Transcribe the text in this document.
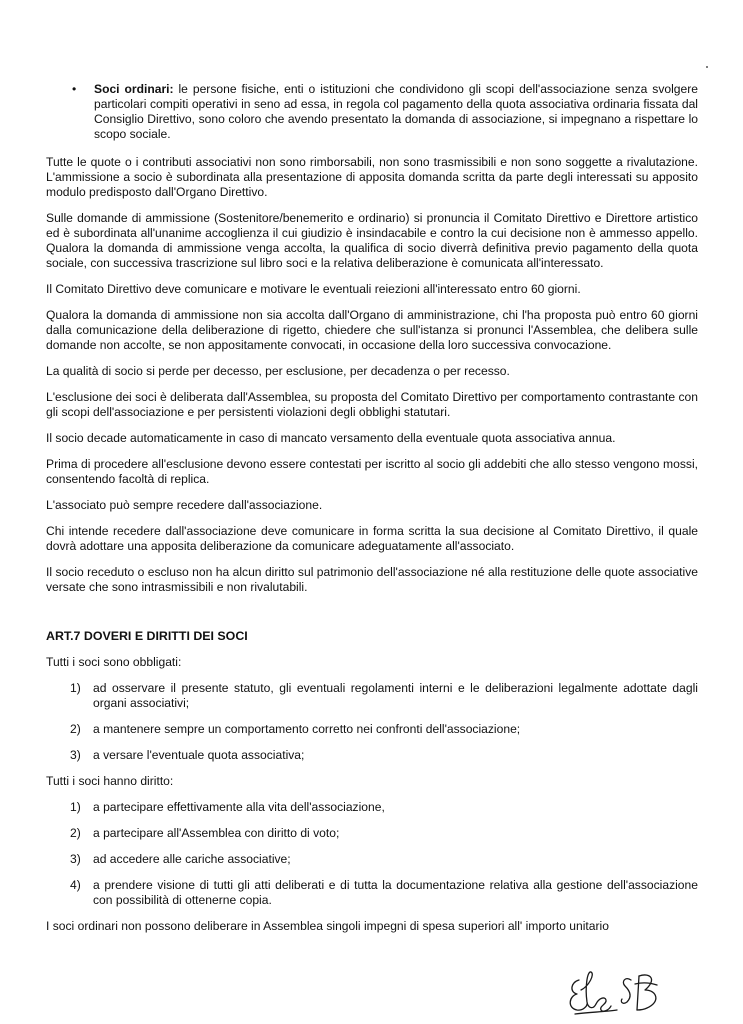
• Soci ordinari: le persone fisiche, enti o istituzioni che condividono gli scopi dell'associazione senza svolgere particolari compiti operativi in seno ad essa, in regola col pagamento della quota associativa ordinaria fissata dal Consiglio Direttivo, sono coloro che avendo presentato la domanda di associazione, si impegnano a rispettare lo scopo sociale.

Tutte le quote o i contributi associativi non sono rimborsabili, non sono trasmissibili e non sono soggette a rivalutazione. L'ammissione a socio è subordinata alla presentazione di apposita domanda scritta da parte degli interessati su apposito modulo predisposto dall'Organo Direttivo.

Sulle domande di ammissione (Sostenitore/benemerito e ordinario) si pronuncia il Comitato Direttivo e Direttore artistico ed è subordinata all'unanime accoglienza il cui giudizio è insindacabile e contro la cui decisione non è ammesso appello. Qualora la domanda di ammissione venga accolta, la qualifica di socio diverrà definitiva previo pagamento della quota sociale, con successiva trascrizione sul libro soci e la relativa deliberazione è comunicata all'interessato.

Il Comitato Direttivo deve comunicare e motivare le eventuali reiezioni all'interessato entro 60 giorni.

Qualora la domanda di ammissione non sia accolta dall'Organo di amministrazione, chi l'ha proposta può entro 60 giorni dalla comunicazione della deliberazione di rigetto, chiedere che sull'istanza si pronunci l'Assemblea, che delibera sulle domande non accolte, se non appositamente convocati, in occasione della loro successiva convocazione.

La qualità di socio si perde per decesso, per esclusione, per decadenza o per recesso.

L'esclusione dei soci è deliberata dall'Assemblea, su proposta del Comitato Direttivo per comportamento contrastante con gli scopi dell'associazione e per persistenti violazioni degli obblighi statutari.

Il socio decade automaticamente in caso di mancato versamento della eventuale quota associativa annua.

Prima di procedere all'esclusione devono essere contestati per iscritto al socio gli addebiti che allo stesso vengono mossi, consentendo facoltà di replica.

L'associato può sempre recedere dall'associazione.

Chi intende recedere dall'associazione deve comunicare in forma scritta la sua decisione al Comitato Direttivo, il quale dovrà adottare una apposita deliberazione da comunicare adeguatamente all'associato.

Il socio receduto o escluso non ha alcun diritto sul patrimonio dell'associazione né alla restituzione delle quote associative versate che sono intrasmissibili e non rivalutabili.

ART.7 DOVERI E DIRITTI DEI SOCI

Tutti i soci sono obbligati:

1) ad osservare il presente statuto, gli eventuali regolamenti interni e le deliberazioni legalmente adottate dagli organi associativi;
2) a mantenere sempre un comportamento corretto nei confronti dell'associazione;
3) a versare l'eventuale quota associativa;

Tutti i soci hanno diritto:

1) a partecipare effettivamente alla vita dell'associazione,
2) a partecipare all'Assemblea con diritto di voto;
3) ad accedere alle cariche associative;
4) a prendere visione di tutti gli atti deliberati e di tutta la documentazione relativa alla gestione dell'associazione con possibilità di ottenerne copia.

I soci ordinari non possono deliberare in Assemblea singoli impegni di spesa superiori all' importo unitario
